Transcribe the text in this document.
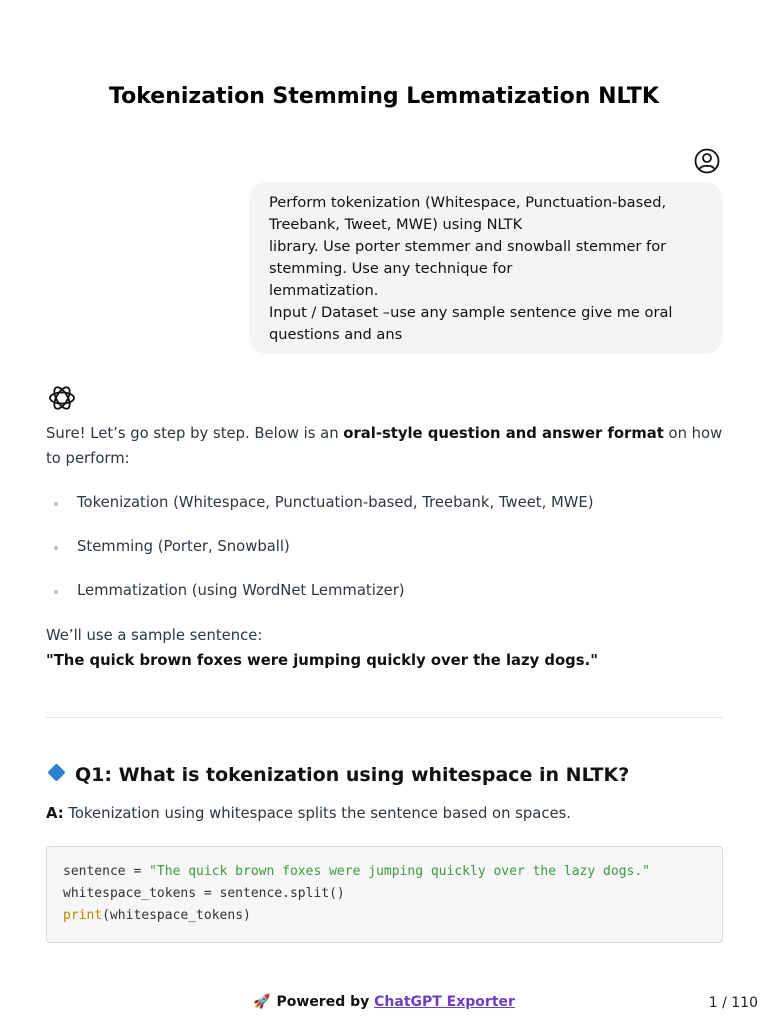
Tokenization Stemming Lemmatization NLTK
Perform tokenization (Whitespace, Punctuation-based,
Treebank, Tweet, MWE) using NLTK
library. Use porter stemmer and snowball stemmer for
stemming. Use any technique for
lemmatization.
Input / Dataset –use any sample sentence give me oral
questions and ans
Sure! Let’s go step by step. Below is an oral-style question and answer format on how to perform:
Tokenization (Whitespace, Punctuation-based, Treebank, Tweet, MWE)
Stemming (Porter, Snowball)
Lemmatization (using WordNet Lemmatizer)
We’ll use a sample sentence:
"The quick brown foxes were jumping quickly over the lazy dogs."
Q1: What is tokenization using whitespace in NLTK?
A: Tokenization using whitespace splits the sentence based on spaces.
sentence = "The quick brown foxes were jumping quickly over the lazy dogs."
whitespace_tokens = sentence.split()
print(whitespace_tokens)
🚀 Powered by ChatGPT Exporter	1 / 110
